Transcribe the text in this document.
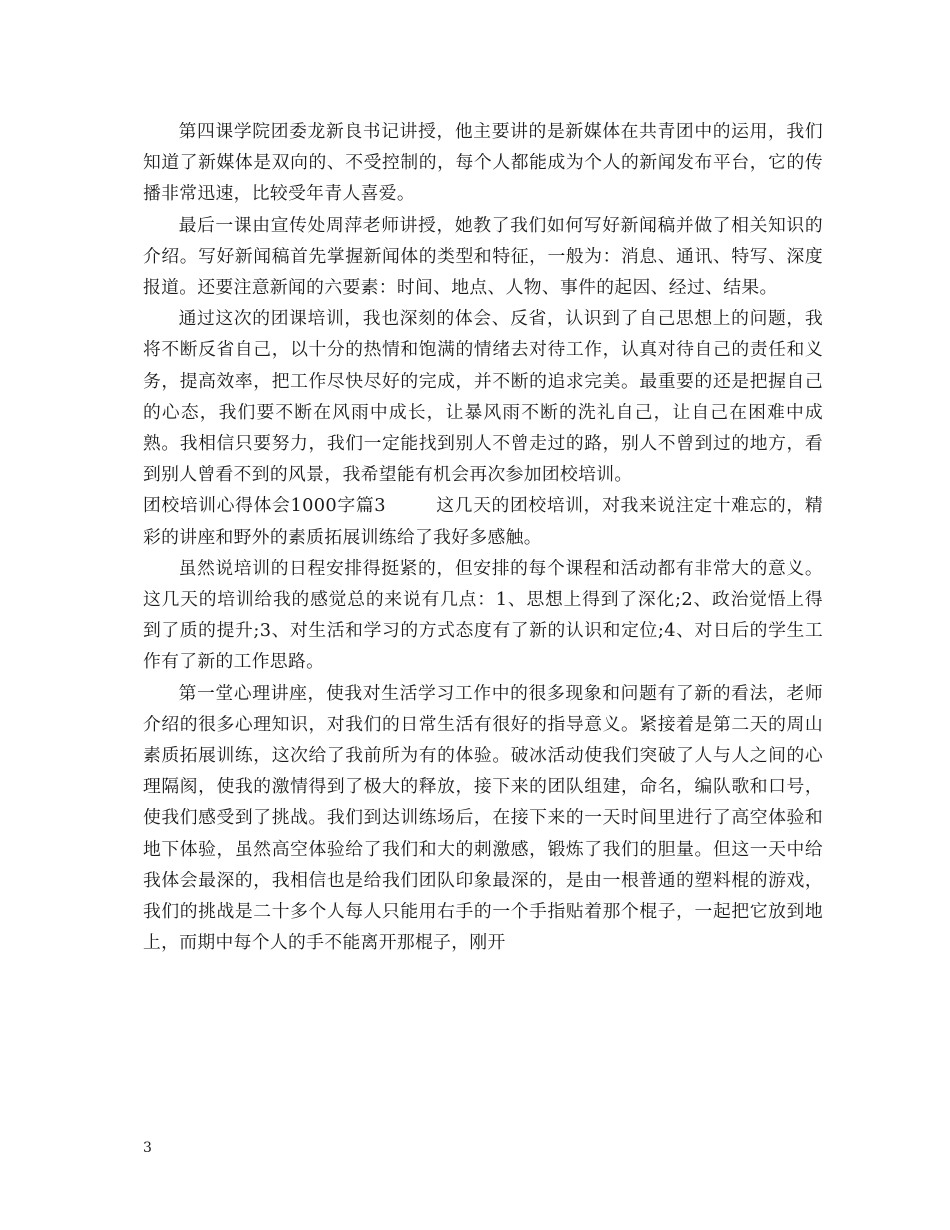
第四课学院团委龙新良书记讲授，他主要讲的是新媒体在共青团中的运用，我们知道了新媒体是双向的、不受控制的，每个人都能成为个人的新闻发布平台，它的传播非常迅速，比较受年青人喜爱。

最后一课由宣传处周萍老师讲授，她教了我们如何写好新闻稿并做了相关知识的介绍。写好新闻稿首先掌握新闻体的类型和特征，一般为：消息、通讯、特写、深度报道。还要注意新闻的六要素：时间、地点、人物、事件的起因、经过、结果。

通过这次的团课培训，我也深刻的体会、反省，认识到了自己思想上的问题，我将不断反省自己，以十分的热情和饱满的情绪去对待工作，认真对待自己的责任和义务，提高效率，把工作尽快尽好的完成，并不断的追求完美。最重要的还是把握自己的心态，我们要不断在风雨中成长，让暴风雨不断的洗礼自己，让自己在困难中成熟。我相信只要努力，我们一定能找到别人不曾走过的路，别人不曾到过的地方，看到别人曾看不到的风景，我希望能有机会再次参加团校培训。

团校培训心得体会1000字篇3	这几天的团校培训，对我来说注定十难忘的，精彩的讲座和野外的素质拓展训练给了我好多感触。

虽然说培训的日程安排得挺紧的，但安排的每个课程和活动都有非常大的意义。这几天的培训给我的感觉总的来说有几点：1、思想上得到了深化;2、政治觉悟上得到了质的提升;3、对生活和学习的方式态度有了新的认识和定位;4、对日后的学生工作有了新的工作思路。

第一堂心理讲座，使我对生活学习工作中的很多现象和问题有了新的看法，老师介绍的很多心理知识，对我们的日常生活有很好的指导意义。紧接着是第二天的周山素质拓展训练，这次给了我前所为有的体验。破冰活动使我们突破了人与人之间的心理隔阂，使我的激情得到了极大的释放，接下来的团队组建，命名，编队歌和口号，使我们感受到了挑战。我们到达训练场后，在接下来的一天时间里进行了高空体验和地下体验，虽然高空体验给了我们和大的刺激感，锻炼了我们的胆量。但这一天中给我体会最深的，我相信也是给我们团队印象最深的，是由一根普通的塑料棍的游戏，我们的挑战是二十多个人每人只能用右手的一个手指贴着那个棍子，一起把它放到地上，而期中每个人的手不能离开那棍子，刚开

3
